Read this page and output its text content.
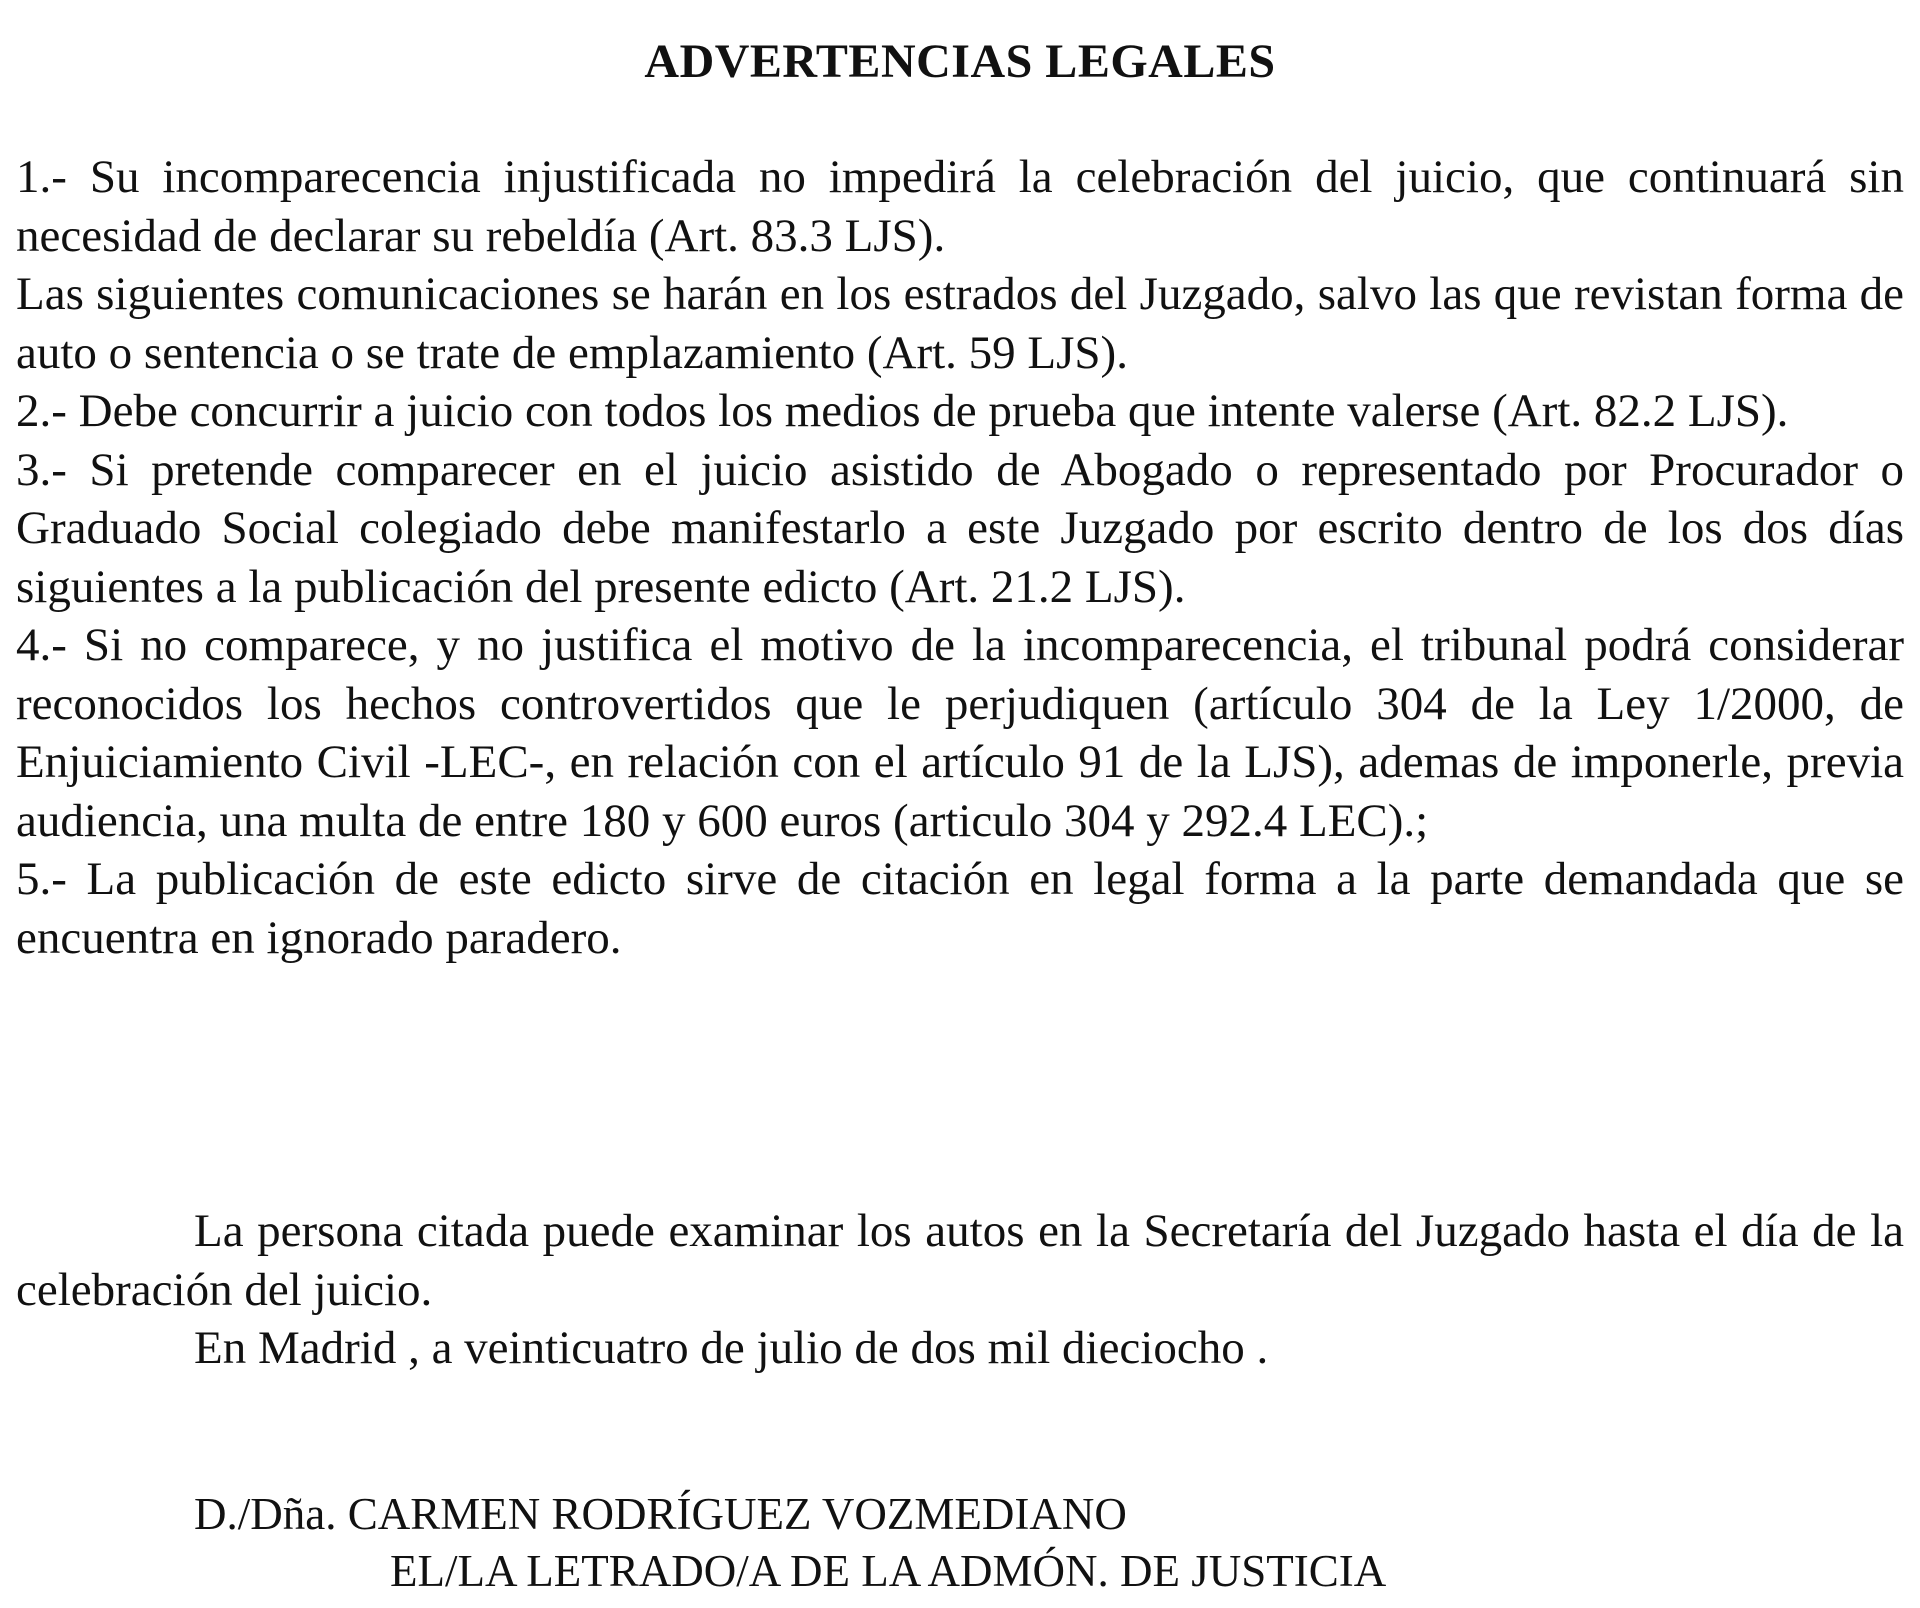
ADVERTENCIAS LEGALES

1.- Su incomparecencia injustificada no impedirá la celebración del juicio, que continuará sin necesidad de declarar su rebeldía (Art. 83.3 LJS).

Las siguientes comunicaciones se harán en los estrados del Juzgado, salvo las que revistan forma de auto o sentencia o se trate de emplazamiento (Art. 59 LJS).

2.- Debe concurrir a juicio con todos los medios de prueba que intente valerse (Art. 82.2 LJS).

3.- Si pretende comparecer en el juicio asistido de Abogado o representado por Procurador o Graduado Social colegiado debe manifestarlo a este Juzgado por escrito dentro de los dos días siguientes a la publicación del presente edicto (Art. 21.2 LJS).

4.- Si no comparece, y no justifica el motivo de la incomparecencia, el tribunal podrá considerar reconocidos los hechos controvertidos que le perjudiquen (artículo 304 de la Ley 1/2000, de Enjuiciamiento Civil -LEC-, en relación con el artículo 91 de la LJS), ademas de imponerle, previa audiencia, una multa de entre 180 y 600 euros (articulo 304 y 292.4 LEC).;

5.- La publicación de este edicto sirve de citación en legal forma a la parte demandada que se encuentra en ignorado paradero.

La persona citada puede examinar los autos en la Secretaría del Juzgado hasta el día de la celebración del juicio.

En Madrid , a veinticuatro de julio de dos mil dieciocho .

D./Dña. CARMEN RODRÍGUEZ VOZMEDIANO
EL/LA LETRADO/A DE LA ADMÓN. DE JUSTICIA
